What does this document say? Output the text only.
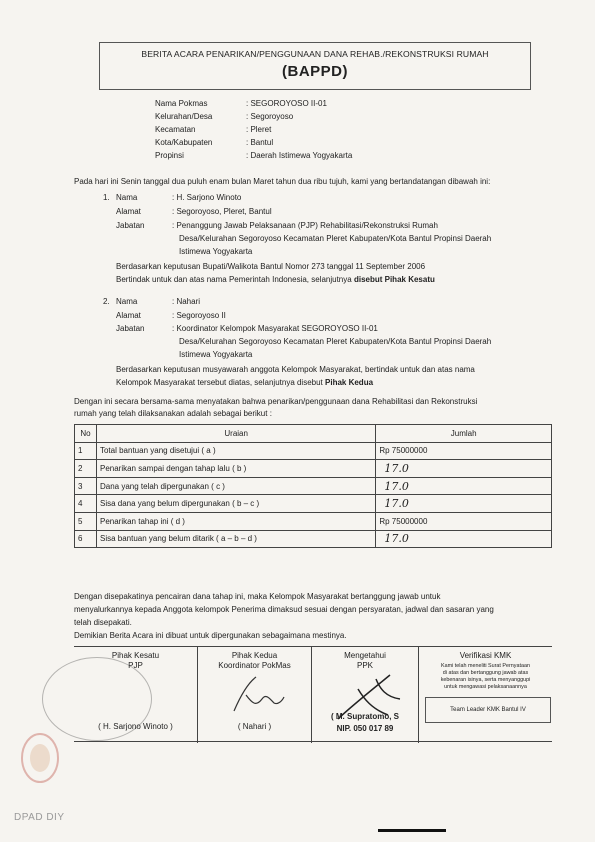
BERITA ACARA PENARIKAN/PENGGUNAAN DANA REHAB./REKONSTRUKSI RUMAH
(BAPPD)
Nama Pokmas	: SEGOROYOSO II-01
Kelurahan/Desa	: Segoroyoso
Kecamatan	: Pleret
Kota/Kabupaten	: Bantul
Propinsi	: Daerah Istimewa Yogyakarta
Pada hari ini Senin tanggal dua puluh enam bulan Maret tahun dua ribu tujuh, kami yang bertandatangan dibawah ini:
1. Nama	: H. Sarjono Winoto
Alamat	: Segoroyoso, Pleret, Bantul
Jabatan	: Penanggung Jawab Pelaksanaan (PJP) Rehabilitasi/Rekonstruksi Rumah
Desa/Kelurahan Segoroyoso Kecamatan Pleret Kabupaten/Kota Bantul Propinsi Daerah
Istimewa Yogyakarta
Berdasarkan keputusan Bupati/Walikota Bantul Nomor 273 tanggal 11 September 2006
Bertindak untuk dan atas nama Pemerintah Indonesia, selanjutnya disebut Pihak Kesatu
2. Nama	: Nahari
Alamat	: Segoroyoso II
Jabatan	: Koordinator Kelompok Masyarakat SEGOROYOSO II-01
Desa/Kelurahan Segoroyoso Kecamatan Pleret Kabupaten/Kota Bantul Propinsi Daerah
Istimewa Yogyakarta
Berdasarkan keputusan musyawarah anggota Kelompok Masyarakat, bertindak untuk dan atas nama
Kelompok Masyarakat tersebut diatas, selanjutnya disebut Pihak Kedua
Dengan ini secara bersama-sama menyatakan bahwa penarikan/penggunaan dana Rehabilitasi dan Rekonstruksi
rumah yang telah dilaksanakan adalah sebagai berikut :
No	Uraian	Jumlah
1	Total bantuan yang disetujui ( a )	Rp 75000000
2	Penarikan sampai dengan tahap lalu ( b )	17.0
3	Dana yang telah dipergunakan ( c )	17.0
4	Sisa dana yang belum dipergunakan ( b – c )	17.0
5	Penarikan tahap ini ( d )	Rp 75000000
6	Sisa bantuan yang belum ditarik ( a – b – d )	17.0
Dengan disepakatinya pencairan dana tahap ini, maka Kelompok Masyarakat bertanggung jawab untuk
menyalurkannya kepada Anggota kelompok Penerima dimaksud sesuai dengan persyaratan, jadwal dan sasaran yang
telah disepakati.
Demikian Berita Acara ini dibuat untuk dipergunakan sebagaimana mestinya.
Pihak Kesatu
PJP
( H. Sarjono Winoto )
Pihak Kedua
Koordinator PokMas
( Nahari )
Mengetahui
PPK
( M. Supratomo, S
NIP. 050 017 89
Verifikasi KMK
Kami telah meneliti Surat Pernyataan
di atas dan bertanggung jawab atas
kebenaran isinya, serta menyanggupi
untuk mengawasi pelaksanaannya
Team Leader KMK Bantul IV
DPAD DIY
